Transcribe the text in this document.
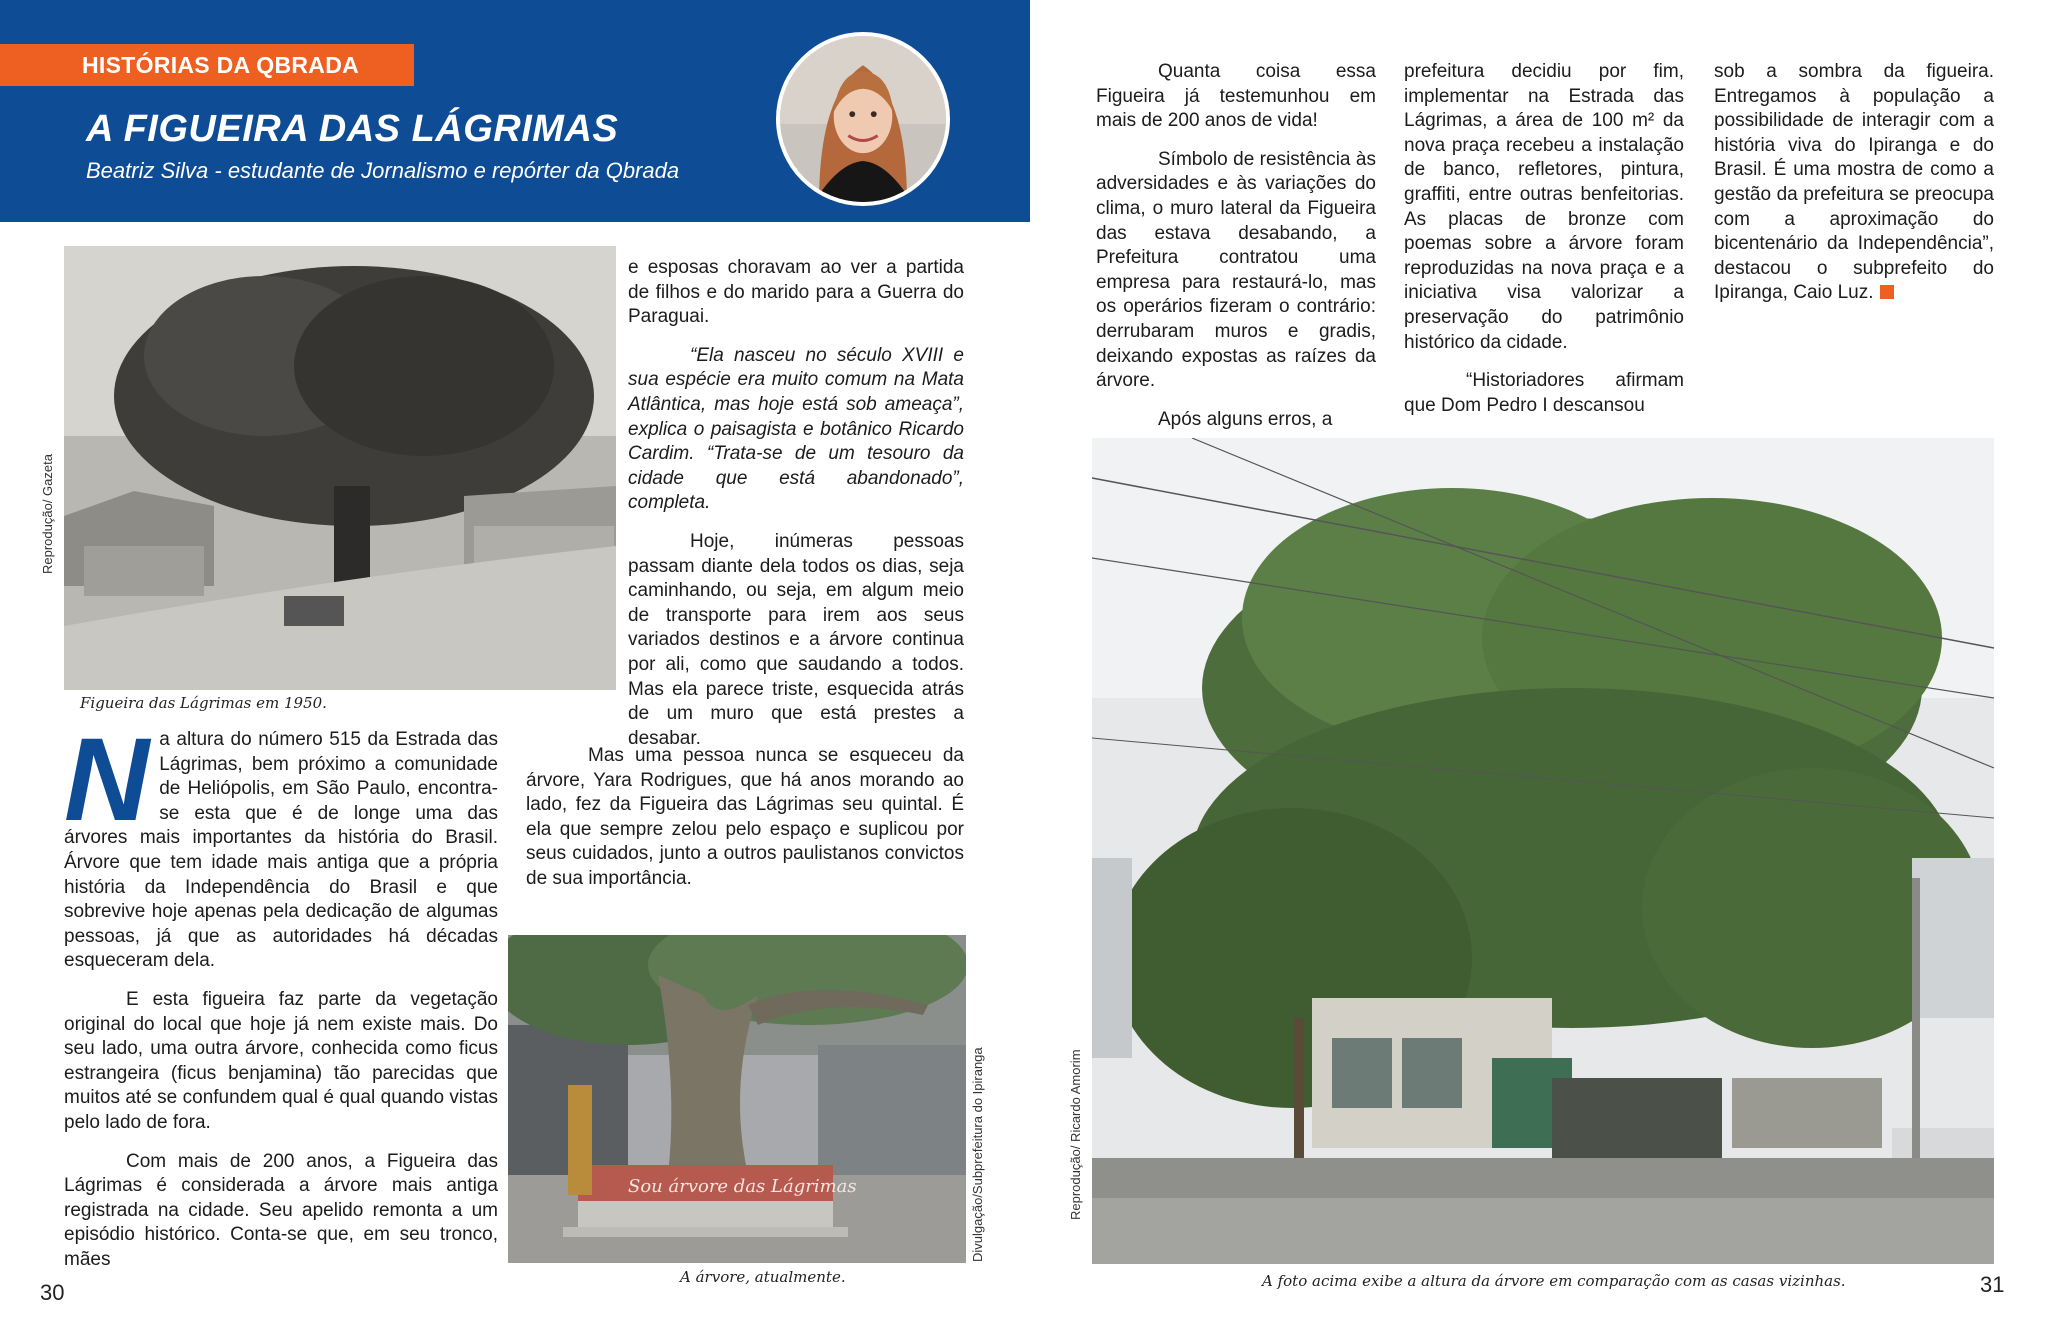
HISTÓRIAS DA QBRADA
A FIGUEIRA DAS LÁGRIMAS
Beatriz Silva - estudante de Jornalismo e repórter da Qbrada
Reprodução/ Gazeta
Figueira das Lágrimas em 1950.
Sou árvore das Lágrimas	Divulgação/Subprefeitura do Ipiranga
A árvore, atualmente.
Reprodução/ Ricardo Amorim
A foto acima exibe a altura da árvore em comparação com as casas vizinhas.

Na altura do número 515 da Estrada das Lágrimas, bem próximo a comunidade de Heliópolis, em São Paulo, encontra-se esta que é de longe uma das árvores mais importantes da história do Brasil. Árvore que tem idade mais antiga que a própria história da Independência do Brasil e que sobrevive hoje apenas pela dedicação de algumas pessoas, já que as autoridades há décadas esqueceram dela.

E esta figueira faz parte da vegetação original do local que hoje já nem existe mais. Do seu lado, uma outra árvore, conhecida como ficus estrangeira (ficus benjamina) tão parecidas que muitos até se confundem qual é qual quando vistas pelo lado de fora.

Com mais de 200 anos, a Figueira das Lágrimas é considerada a árvore mais antiga registrada na cidade. Seu apelido remonta a um episódio histórico. Conta-se que, em seu tronco, mães

e esposas choravam ao ver a partida de filhos e do marido para a Guerra do Paraguai.

“Ela nasceu no século XVIII e sua espécie era muito comum na Mata Atlântica, mas hoje está sob ameaça”, explica o paisagista e botânico Ricardo Cardim. “Trata-se de um tesouro da cidade que está abandonado”, completa.

Hoje, inúmeras pessoas passam diante dela todos os dias, seja caminhando, ou seja, em algum meio de transporte para irem aos seus variados destinos e a árvore continua por ali, como que saudando a todos. Mas ela parece triste, esquecida atrás de um muro que está prestes a desabar.

Mas uma pessoa nunca se esqueceu da árvore, Yara Rodrigues, que há anos morando ao lado, fez da Figueira das Lágrimas seu quintal. É ela que sempre zelou pelo espaço e suplicou por seus cuidados, junto a outros paulistanos convictos de sua importância.

Quanta coisa essa Figueira já testemunhou em mais de 200 anos de vida!

Símbolo de resistência às adversidades e às variações do clima, o muro lateral da Figueira das estava desabando, a Prefeitura contratou uma empresa para restaurá-lo, mas os operários fizeram o contrário: derrubaram muros e gradis, deixando expostas as raízes da árvore.

Após alguns erros, a

prefeitura decidiu por fim, implementar na Estrada das Lágrimas, a área de 100 m² da nova praça recebeu a instalação de banco, refletores, pintura, graffiti, entre outras benfeitorias. As placas de bronze com poemas sobre a árvore foram reproduzidas na nova praça e a iniciativa visa valorizar a preservação do patrimônio histórico da cidade.

“Historiadores afirmam que Dom Pedro I descansou

sob a sombra da figueira. Entregamos à população a possibilidade de interagir com a história viva do Ipiranga e do Brasil. É uma mostra de como a gestão da prefeitura se preocupa com a aproximação do bicentenário da Independência”, destacou o subprefeito do Ipiranga, Caio Luz.

30	31
